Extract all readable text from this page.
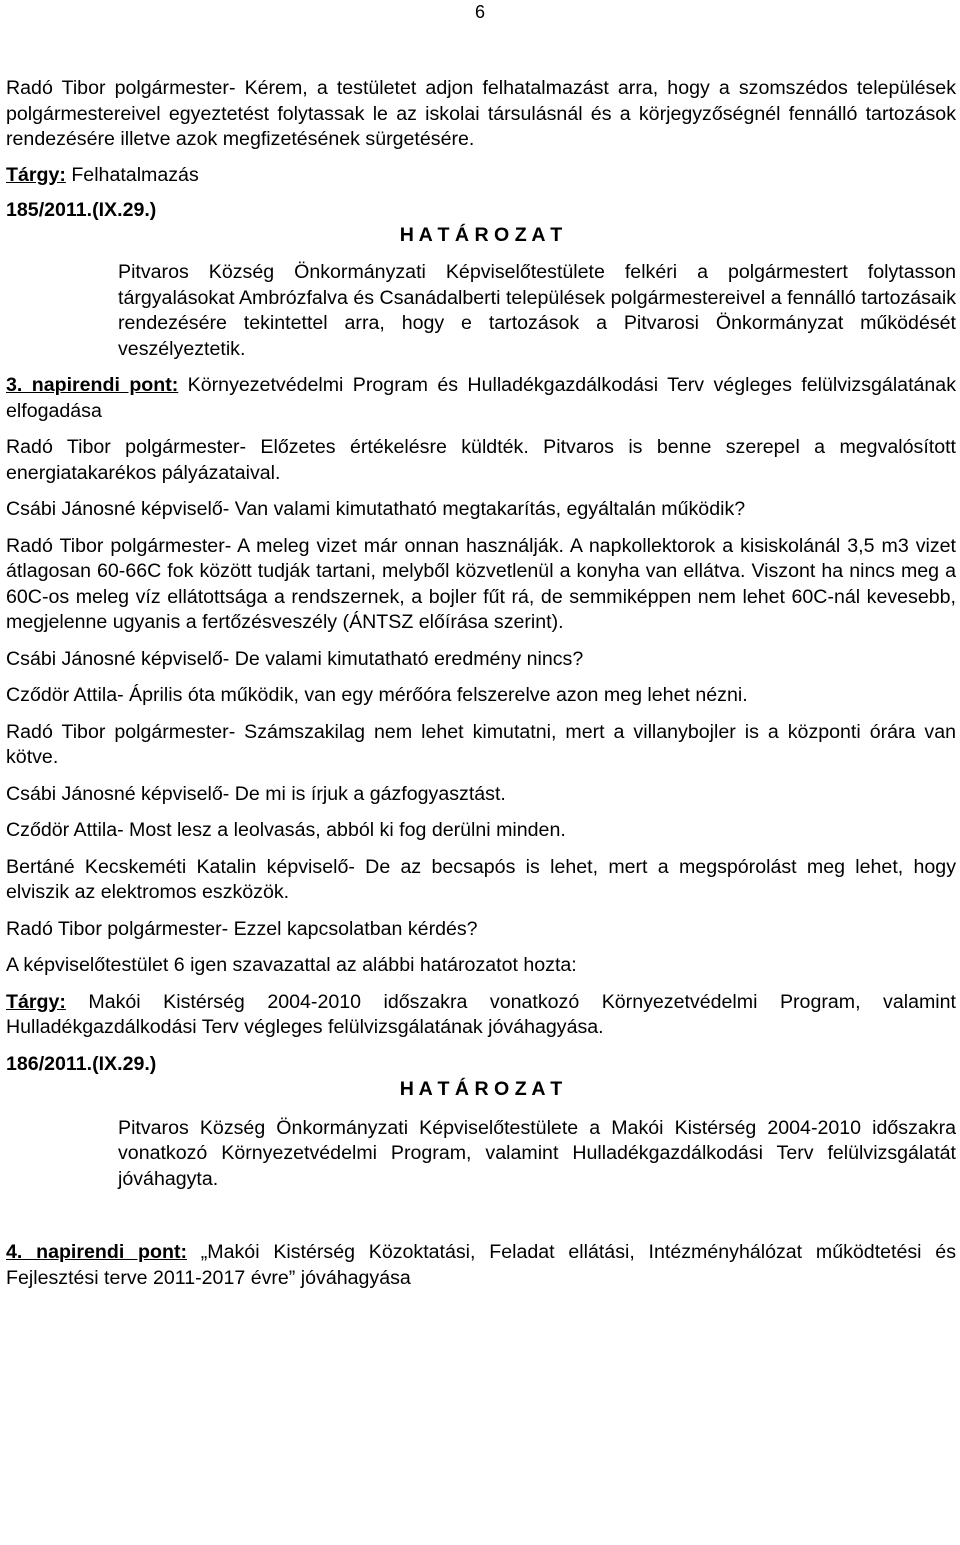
6

Radó Tibor polgármester- Kérem, a testületet adjon felhatalmazást arra, hogy a szomszédos települések polgármestereivel egyeztetést folytassak le az iskolai társulásnál és a körjegyzőségnél fennálló tartozások rendezésére illetve azok megfizetésének sürgetésére.

Tárgy: Felhatalmazás

185/2011.(IX.29.)

H A T Á R O Z A T

Pitvaros Község Önkormányzati Képviselőtestülete felkéri a polgármestert folytasson tárgyalásokat Ambrózfalva és Csanádalberti települések polgármestereivel a fennálló tartozásaik rendezésére tekintettel arra, hogy e tartozások a Pitvarosi Önkormányzat működését veszélyeztetik.

3. napirendi pont: Környezetvédelmi Program és Hulladékgazdálkodási Terv végleges felülvizsgálatának elfogadása

Radó Tibor polgármester- Előzetes értékelésre küldték. Pitvaros is benne szerepel a megvalósított energiatakarékos pályázataival.

Csábi Jánosné képviselő- Van valami kimutatható megtakarítás, egyáltalán működik?

Radó Tibor polgármester- A meleg vizet már onnan használják. A napkollektorok a kisiskolánál 3,5 m3 vizet átlagosan 60-66C fok között tudják tartani, melyből közvetlenül a konyha van ellátva. Viszont ha nincs meg a 60C-os meleg víz ellátottsága a rendszernek, a bojler fűt rá, de semmiképpen nem lehet 60C-nál kevesebb, megjelenne ugyanis a fertőzésveszély (ÁNTSZ előírása szerint).

Csábi Jánosné képviselő- De valami kimutatható eredmény nincs?

Cződör Attila- Április óta működik, van egy mérőóra felszerelve azon meg lehet nézni.

Radó Tibor polgármester- Számszakilag nem lehet kimutatni, mert a villanybojler is a központi órára van kötve.

Csábi Jánosné képviselő- De mi is írjuk a gázfogyasztást.

Cződör Attila- Most lesz a leolvasás, abból ki fog derülni minden.

Bertáné Kecskeméti Katalin képviselő- De az becsapós is lehet, mert a megspórolást meg lehet, hogy elviszik az elektromos eszközök.

Radó Tibor polgármester- Ezzel kapcsolatban kérdés?

A képviselőtestület 6 igen szavazattal az alábbi határozatot hozta:

Tárgy: Makói Kistérség 2004-2010 időszakra vonatkozó Környezetvédelmi Program, valamint Hulladékgazdálkodási Terv végleges felülvizsgálatának jóváhagyása.

186/2011.(IX.29.)

H A T Á R O Z A T

Pitvaros Község Önkormányzati Képviselőtestülete a Makói Kistérség 2004-2010 időszakra vonatkozó Környezetvédelmi Program, valamint Hulladékgazdálkodási Terv felülvizsgálatát jóváhagyta.

4. napirendi pont: „Makói Kistérség Közoktatási, Feladat ellátási, Intézményhálózat működtetési és Fejlesztési terve 2011-2017 évre” jóváhagyása
